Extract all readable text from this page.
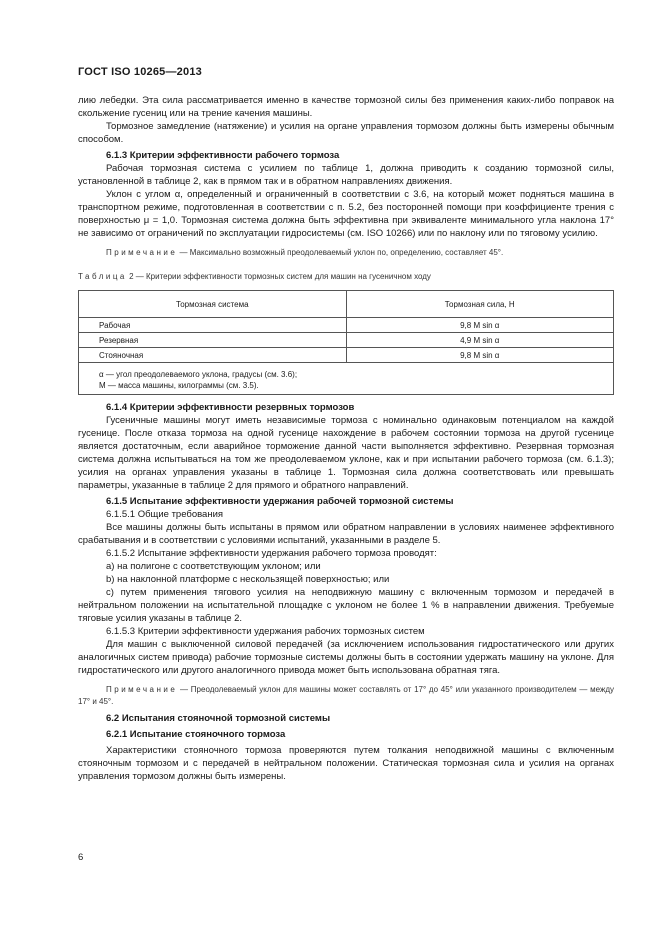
ГОСТ ISO 10265—2013

лию лебедки. Эта сила рассматривается именно в качестве тормозной силы без применения каких-либо поправок на скольжение гусениц или на трение качения машины.

Тормозное замедление (натяжение) и усилия на органе управления тормозом должны быть измерены обычным способом.

6.1.3 Критерии эффективности рабочего тормоза

Рабочая тормозная система с усилием по таблице 1, должна приводить к созданию тормозной силы, установленной в таблице 2, как в прямом так и в обратном направлениях движения.

Уклон с углом α, определенный и ограниченный в соответствии с 3.6, на который может подняться машина в транспортном режиме, подготовленная в соответствии с п. 5.2, без посторонней помощи при коэффициенте трения с поверхностью μ = 1,0. Тормозная система должна быть эффективна при эквиваленте минимального угла наклона 17° не зависимо от ограничений по эксплуатации гидросистемы (см. ISO 10266) или по наклону или по тяговому усилию.

Примечание — Максимально возможный преодолеваемый уклон по, определению, составляет 45°.

Таблица 2 — Критерии эффективности тормозных систем для машин на гусеничном ходу

Тормозная система	Тормозная сила, Н
Рабочая	9,8 M sin α
Резервная	4,9 M sin α
Стояночная	9,8 M sin α

α — угол преодолеваемого уклона, градусы (см. 3.6);
M — масса машины, килограммы (см. 3.5).	

6.1.4 Критерии эффективности резервных тормозов

Гусеничные машины могут иметь независимые тормоза с номинально одинаковым потенциалом на каждой гусенице. После отказа тормоза на одной гусенице нахождение в рабочем состоянии тормоза на другой гусенице является достаточным, если аварийное торможение данной части выполняется эффективно. Резервная тормозная система должна испытываться на том же преодолеваемом уклоне, как и при испытании рабочего тормоза (см. 6.1.3); усилия на органах управления указаны в таблице 1. Тормозная сила должна соответствовать или превышать параметры, указанные в таблице 2 для прямого и обратного направлений.

6.1.5 Испытание эффективности удержания рабочей тормозной системы

6.1.5.1 Общие требования

Все машины должны быть испытаны в прямом или обратном направлении в условиях наименее эффективного срабатывания и в соответствии с условиями испытаний, указанными в разделе 5.

6.1.5.2 Испытание эффективности удержания рабочего тормоза проводят:

a) на полигоне с соответствующим уклоном; или

b) на наклонной платформе с нескользящей поверхностью; или

c) путем применения тягового усилия на неподвижную машину с включенным тормозом и передачей в нейтральном положении на испытательной площадке с уклоном не более 1 % в направлении движения. Требуемые тяговые усилия указаны в таблице 2.

6.1.5.3 Критерии эффективности удержания рабочих тормозных систем

Для машин с выключенной силовой передачей (за исключением использования гидростатического или других аналогичных систем привода) рабочие тормозные системы должны быть в состоянии удержать машину на уклоне. Для гидростатического или другого аналогичного привода может быть использована обратная тяга.

Примечание — Преодолеваемый уклон для машины может составлять от 17° до 45° или указанного производителем — между 17° и 45°.

6.2 Испытания стояночной тормозной системы

6.2.1 Испытание стояночного тормоза

Характеристики стояночного тормоза проверяются путем толкания неподвижной машины с включенным стояночным тормозом и с передачей в нейтральном положении. Статическая тормозная сила и усилия на органах управления тормозом должны быть измерены.

6
